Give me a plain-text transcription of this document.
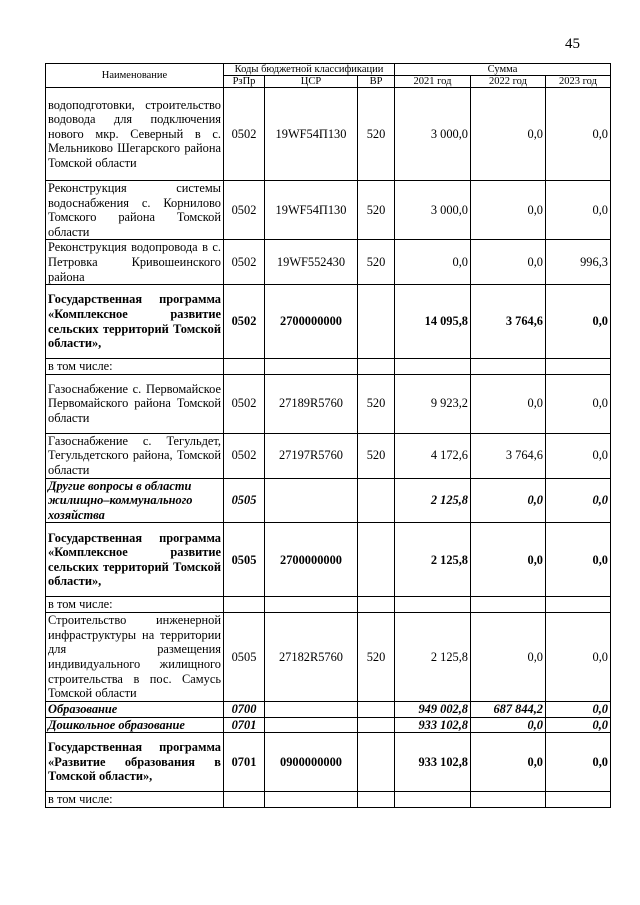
45
Наименование	Коды бюджетной классификации			Сумма		
	РзПр	ЦСР	ВР	2021 год	2022 год	2023 год
водоподготовки, строительство водовода для подключения нового мкр. Северный в с. Мельниково Шегарского района Томской области	0502	19WF54П130	520	3 000,0	0,0	0,0
Реконструкция системы водоснабжения с. Корнилово Томского района Томской области	0502	19WF54П130	520	3 000,0	0,0	0,0
Реконструкция водопровода в с. Петровка Кривошеинского района	0502	19WF552430	520	0,0	0,0	996,3
Государственная программа «Комплексное развитие сельских территорий Томской области»,	0502	2700000000		14 095,8	3 764,6	0,0
в том числе:						
Газоснабжение с. Первомайское Первомайского района Томской области	0502	27189R5760	520	9 923,2	0,0	0,0
Газоснабжение с. Тегульдет, Тегульдетского района, Томской области	0502	27197R5760	520	4 172,6	3 764,6	0,0
Другие вопросы в области жилищно–коммунального хозяйства	0505			2 125,8	0,0	0,0
Государственная программа «Комплексное развитие сельских территорий Томской области»,	0505	2700000000		2 125,8	0,0	0,0
в том числе:						
Строительство инженерной инфраструктуры на территории для размещения индивидуального жилищного строительства в пос. Самусь Томской области	0505	27182R5760	520	2 125,8	0,0	0,0
Образование	0700			949 002,8	687 844,2	0,0
Дошкольное образование	0701			933 102,8	0,0	0,0
Государственная программа «Развитие образования в Томской области»,	0701	0900000000		933 102,8	0,0	0,0
в том числе:						
